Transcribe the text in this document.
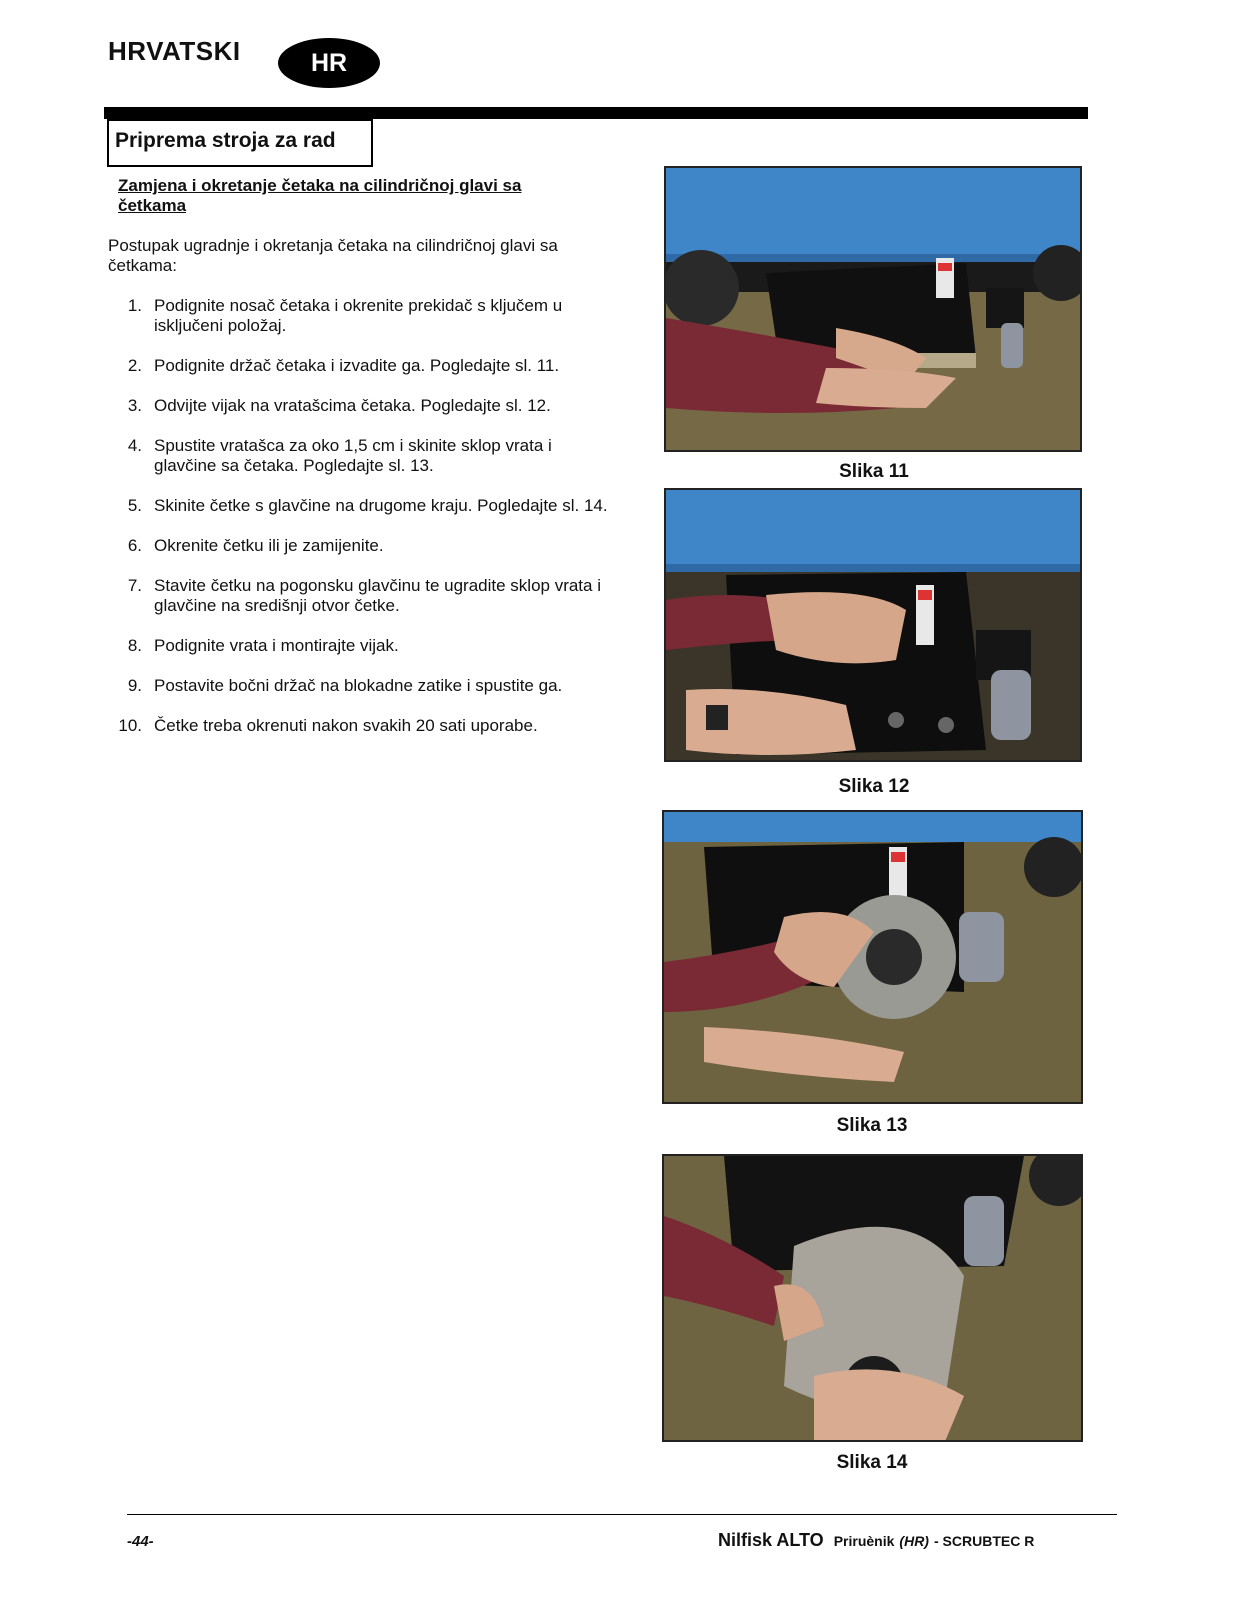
HRVATSKI	HR
Priprema stroja za rad
Zamjena i okretanje četaka na cilindričnoj glavi sa četkama
Postupak ugradnje i okretanja četaka na cilindričnoj glavi sa četkama:
1. Podignite nosač četaka i okrenite prekidač s ključem u isključeni položaj.
2. Podignite držač četaka i izvadite ga. Pogledajte sl. 11.
3. Odvijte vijak na vratašcima četaka. Pogledajte sl. 12.
4. Spustite vratašca za oko 1,5 cm i skinite sklop vrata i glavčine sa četaka. Pogledajte sl. 13.
5. Skinite četke s glavčine na drugome kraju. Pogledajte sl. 14.
6. Okrenite četku ili je zamijenite.
7. Stavite četku na pogonsku glavčinu te ugradite sklop vrata i glavčine na središnji otvor četke.
8. Podignite vrata i montirajte vijak.
9. Postavite bočni držač na blokadne zatike i spustite ga.
10. Četke treba okrenuti nakon svakih 20 sati uporabe.
Slika 11
Slika 12
Slika 13
Slika 14
-44-	Nilfisk ALTO Priruènik (HR) - SCRUBTEC R
